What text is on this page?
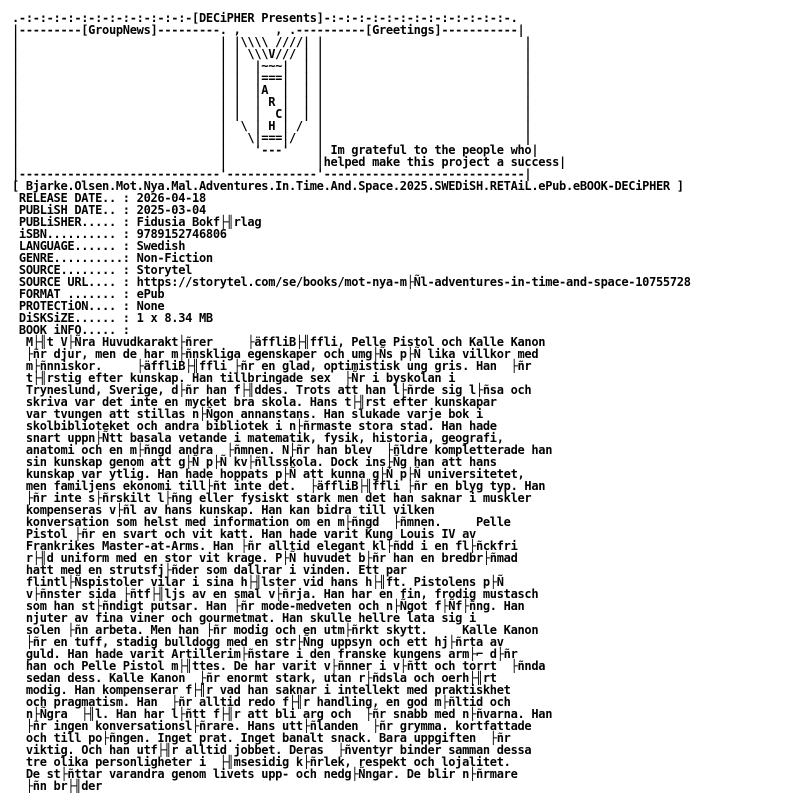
.-:-:-:-:-:-:-:-:-:-:-:-:-[DECiPHER Presents]-:-:-:-:-:-:-:-:-:-:-:-:-:-.
|---------[GroupNews]---------. ,     , .----------[Greetings]-----------|
|                             | |\\\\ ////| |                             |
|                             | | \\\V/// | |                             |
|                             | |  |~~~|  | |                             |
|                             | |  |===|  | |                             |
|                             | |  |A  |  | |                             |
|                             | |  | R |  | |                             |
|                             | |  |  C|  | |                             |
|                             |  \ | H | /  |                             |
|                             |   \|===|/   |                             |
|                             |    '---'    | Im grateful to the people who|
|                             |             |helped make this project a success|
|-----------------------------'-------------'-----------------------------|
[ Bjarke.Olsen.Mot.Nya.Mal.Adventures.In.Time.And.Space.2025.SWEDiSH.RETAiL.ePub.eBOOK-DECiPHER ]
RELEASE DATE.. : 2026-04-18
PUBLiSH DATE.. : 2025-03-04
PUBLiSHER..... : Fidusia Bokf├╢rlag
iSBN.......... : 9789152746806
LANGUAGE...... : Swedish
GENRE..........: Non-Fiction
SOURCE........ : Storytel
SOURCE URL.... : https://storytel.com/se/books/mot-nya-m├Ñl-adventures-in-time-and-space-10755728
FORMAT ....... : ePub
PROTECTiON.... : None
DiSKSiZE...... : 1 x 8.34 MB
BOOK iNFO..... :
M├╢t V├Ñra Huvudkarakt├ñrer     ├äffliB├╢ffli, Pelle Pistol och Kalle Kanon
├ñr djur, men de har m├ñnskliga egenskaper och umg├Ñs p├Ñ lika villkor med
m├ñnniskor.     ├äffliB├╢ffli ├ñr en glad, optimistisk ung gris. Han  ├ñr
t├╢rstig efter kunskap. Han tillbringade sex  ├Ñr i byskolan i
Tryneslund, Sverige, d├ñr han f├╢ddes. Trots att han l├ñrde sig l├ñsa och
skriva var det inte en mycket bra skola. Hans t├╢rst efter kunskapar
var tvungen att stillas n├Ñgon annanstans. Han slukade varje bok i
skolbiblioteket och andra bibliotek i n├ñrmaste stora stad. Han hade
snart uppn├Ñtt basala vetande i matematik, fysik, historia, geografi,
anatomi och en m├ñngd andra  ├ñmnen. N├ñr han blev  ├ñldre kompletterade han
sin kunskap genom att g├Ñ p├Ñ kv├ñllsskola. Dock ins├Ñg han att hans
kunskap var ytlig. Han hade hoppats p├Ñ att kunna g├Ñ p├Ñ universitetet,
men familjens ekonomi till├ñt inte det.  ├äffliB├╢ffli ├ñr en blyg typ. Han
├ñr inte s├ñrskilt l├ñng eller fysiskt stark men det han saknar i muskler
kompenseras v├ñl av hans kunskap. Han kan bidra till vilken
konversation som helst med information om en m├ñngd  ├ñmnen.     Pelle
Pistol ├ñr en svart och vit katt. Han hade varit Kung Louis IV av
Frankrikes Master-at-Arms. Han ├ñr alltid elegant kl├ñdd i en fl├ñckfri
r├╢d uniform med en stor vit krage. P├Ñ huvudet b├ñr han en bredbr├ñmad
hatt med en strutsfj├ñder som dallrar i vinden. Ett par
flintl├Ñspistoler vilar i sina h├╢lster vid hans h├╢ft. Pistolens p├Ñ
v├ñnster sida ├ñtf├╢ljs av en smal v├ñrja. Han har en fin, frodig mustasch
som han st├ñndigt putsar. Han ├ñr mode-medveten och n├Ñgot f├Ñf├ñng. Han
njuter av fina viner och gourmetmat. Han skulle hellre lata sig i
solen ├ñn arbeta. Men han ├ñr modig och en utm├ñrkt skytt.     Kalle Kanon
├ñr en tuff, stadig bulldogg med en str├Ñng uppsyn och ett hj├ñrta av
guld. Han hade varit Artillerim├ñstare i den franske kungens arm├⌐ d├ñr
han och Pelle Pistol m├╢ttes. De har varit v├ñnner i v├ñtt och torrt  ├ñnda
sedan dess. Kalle Kanon  ├ñr enormt stark, utan r├ñdsla och oerh├╢rt
modig. Han kompenserar f├╢r vad han saknar i intellekt med praktiskhet
och pragmatism. Han  ├ñr alltid redo f├╢r handling, en god m├ñltid och
n├Ñgra  ├╢l. Han har l├ñtt f├╢r att bli arg och  ├ñr snabb med n├ñvarna. Han
├ñr ingen konversationsl├ñrare. Hans utt├ñlanden  ├ñr grymma. kortfattade
och till po├ñngen. Inget prat. Inget banalt snack. Bara uppgiften  ├ñr
viktig. Och han utf├╢r alltid jobbet. Deras  ├ñventyr binder samman dessa
tre olika personligheter i  ├╢msesidig k├ñrlek, respekt och lojalitet.
De st├ñttar varandra genom livets upp- och nedg├Ñngar. De blir n├ñrmare
├ñn br├╢der
